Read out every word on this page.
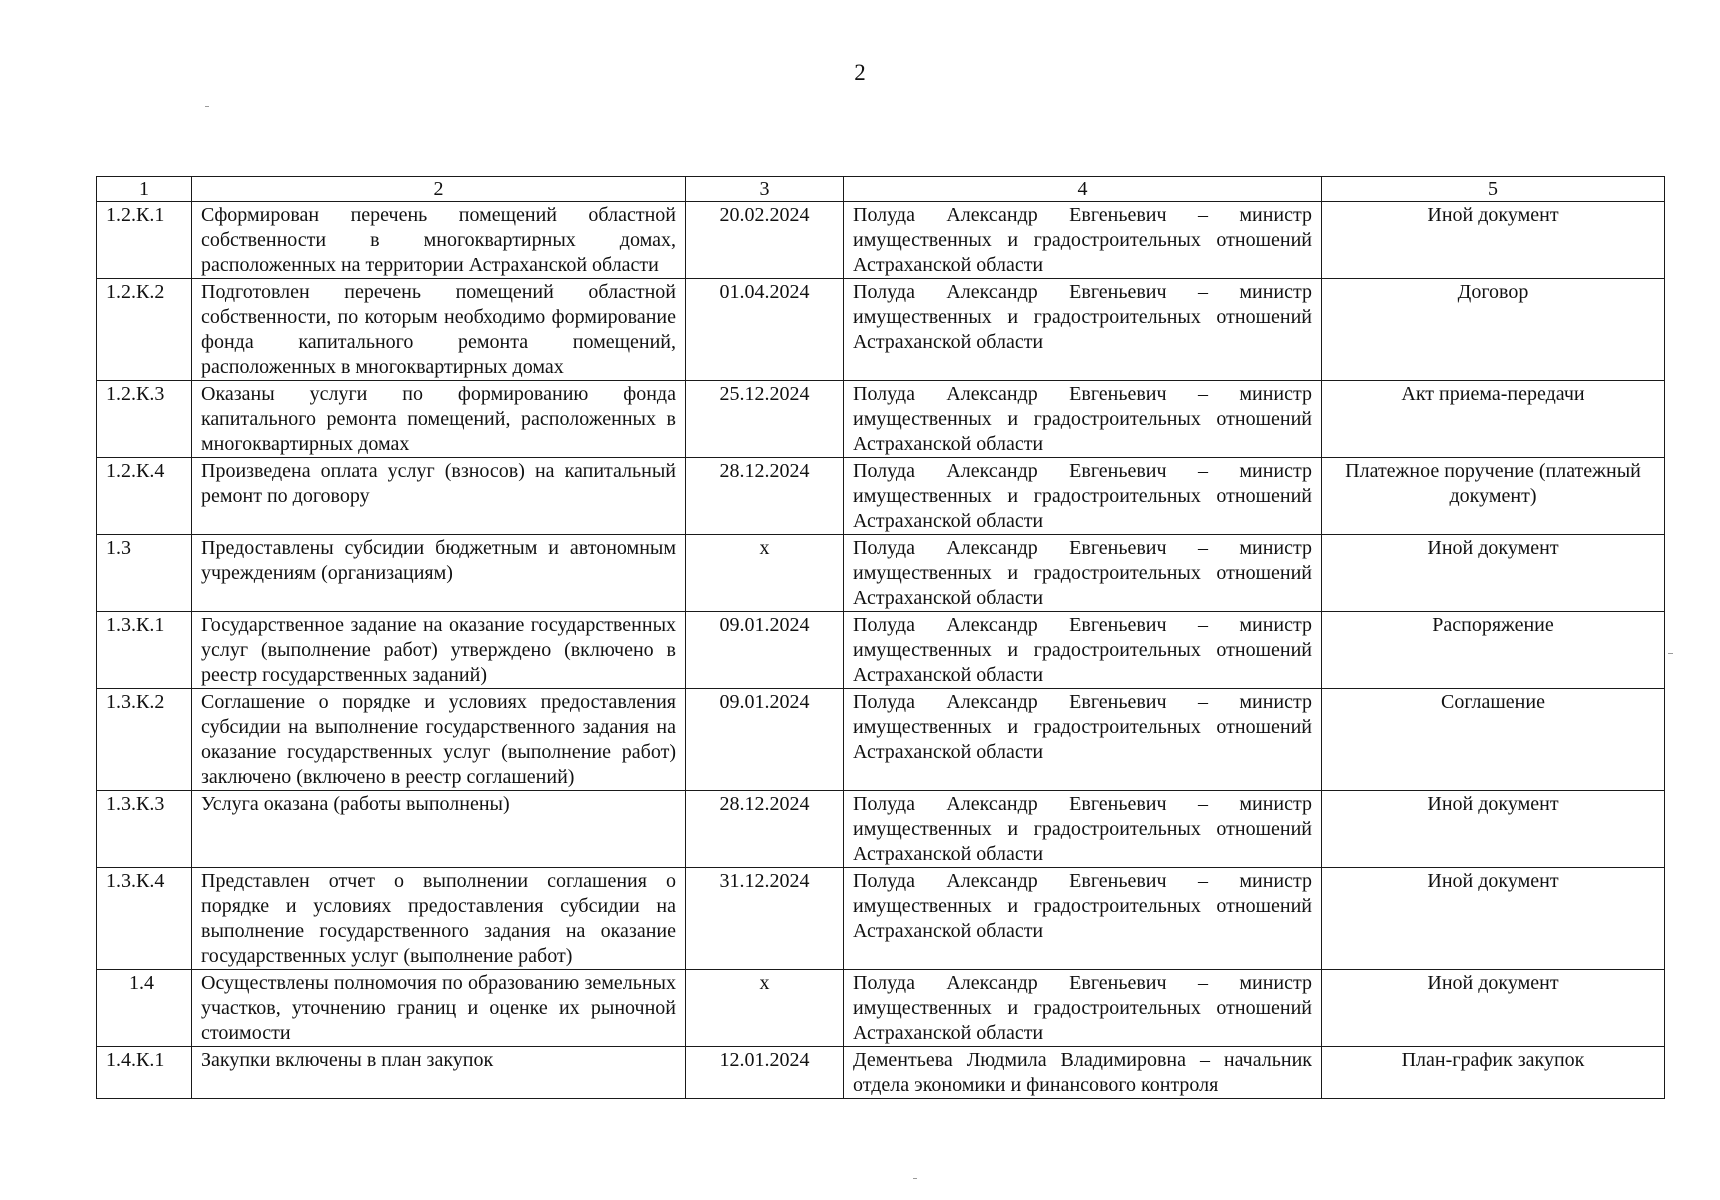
2
1	2	3	4	5
1.2.К.1	Сформирован перечень помещений областной собственности в многоквартирных домах, расположенных на территории Астраханской области	20.02.2024	Полуда Александр Евгеньевич – министр имущественных и градостроительных отношений Астраханской области	Иной документ
1.2.К.2	Подготовлен перечень помещений областной собственности, по которым необходимо формирование фонда капитального ремонта помещений, расположенных в многоквартирных домах	01.04.2024	Полуда Александр Евгеньевич – министр имущественных и градостроительных отношений Астраханской области	Договор
1.2.К.3	Оказаны услуги по формированию фонда капитального ремонта помещений, расположенных в многоквартирных домах	25.12.2024	Полуда Александр Евгеньевич – министр имущественных и градостроительных отношений Астраханской области	Акт приема-передачи
1.2.К.4	Произведена оплата услуг (взносов) на капитальный ремонт по договору	28.12.2024	Полуда Александр Евгеньевич – министр имущественных и градостроительных отношений Астраханской области	Платежное поручение (платежный документ)
1.3	Предоставлены субсидии бюджетным и автономным учреждениям (организациям)	х	Полуда Александр Евгеньевич – министр имущественных и градостроительных отношений Астраханской области	Иной документ
1.3.К.1	Государственное задание на оказание государственных услуг (выполнение работ) утверждено (включено в реестр государственных заданий)	09.01.2024	Полуда Александр Евгеньевич – министр имущественных и градостроительных отношений Астраханской области	Распоряжение
1.3.К.2	Соглашение о порядке и условиях предоставления субсидии на выполнение государственного задания на оказание государственных услуг (выполнение работ) заключено (включено в реестр соглашений)	09.01.2024	Полуда Александр Евгеньевич – министр имущественных и градостроительных отношений Астраханской области	Соглашение
1.3.К.3	Услуга оказана (работы выполнены)	28.12.2024	Полуда Александр Евгеньевич – министр имущественных и градостроительных отношений Астраханской области	Иной документ
1.3.К.4	Представлен отчет о выполнении соглашения о порядке и условиях предоставления субсидии на выполнение государственного задания на оказание государственных услуг (выполнение работ)	31.12.2024	Полуда Александр Евгеньевич – министр имущественных и градостроительных отношений Астраханской области	Иной документ
1.4	Осуществлены полномочия по образованию земельных участков, уточнению границ и оценке их рыночной стоимости	х	Полуда Александр Евгеньевич – министр имущественных и градостроительных отношений Астраханской области	Иной документ
1.4.К.1	Закупки включены в план закупок	12.01.2024	Дементьева Людмила Владимировна – начальник отдела экономики и финансового контроля	План-график закупок
